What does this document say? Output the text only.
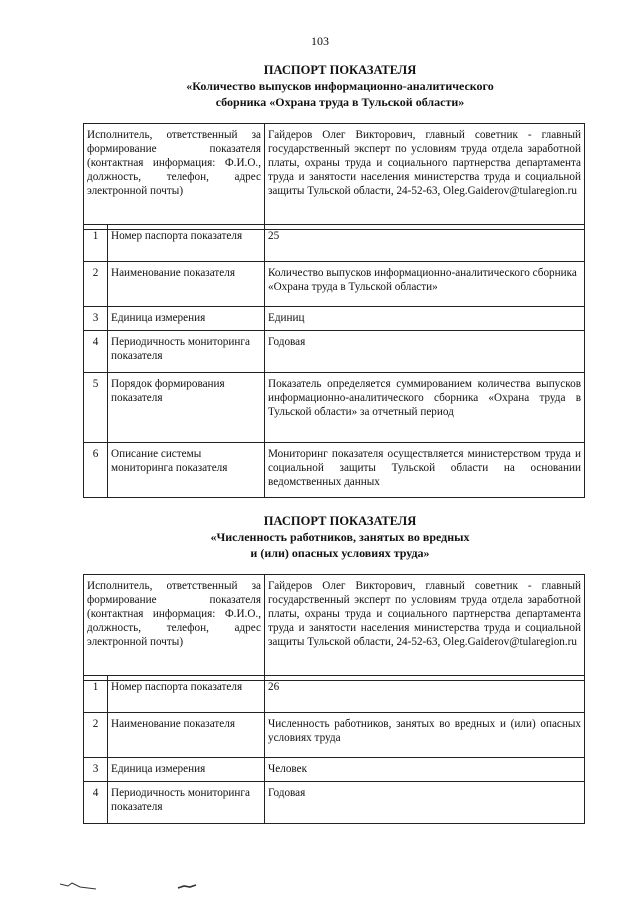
103
ПАСПОРТ ПОКАЗАТЕЛЯ
«Количество выпусков информационно-аналитического
сборника «Охрана труда в Тульской области»
Исполнитель, ответственный за формирование показателя (контактная информация: Ф.И.О., должность, телефон, адрес электронной почты)	Гайдеров Олег Викторович, главный советник - главный государственный эксперт по условиям труда отдела заработной платы, охраны труда и социального партнерства департамента труда и занятости населения министерства труда и социальной защиты Тульской области, 24-52-63, Oleg.Gaiderov@tularegion.ru
1	Номер паспорта показателя	25
2	Наименование показателя	Количество выпусков информационно-аналитического сборника «Охрана труда в Тульской области»
3	Единица измерения	Единиц
4	Периодичность мониторинга показателя	Годовая
5	Порядок формирования показателя	Показатель определяется суммированием количества выпусков информационно-аналитического сборника «Охрана труда в Тульской области» за отчетный период
6	Описание системы мониторинга показателя	Мониторинг показателя осуществляется министерством труда и социальной защиты Тульской области на основании ведомственных данных
ПАСПОРТ ПОКАЗАТЕЛЯ
«Численность работников, занятых во вредных
и (или) опасных условиях труда»
Исполнитель, ответственный за формирование показателя (контактная информация: Ф.И.О., должность, телефон, адрес электронной почты)	Гайдеров Олег Викторович, главный советник - главный государственный эксперт по условиям труда отдела заработной платы, охраны труда и социального партнерства департамента труда и занятости населения министерства труда и социальной защиты Тульской области, 24-52-63, Oleg.Gaiderov@tularegion.ru
1	Номер паспорта показателя	26
2	Наименование показателя	Численность работников, занятых во вредных и (или) опасных условиях труда
3	Единица измерения	Человек
4	Периодичность мониторинга показателя	Годовая
